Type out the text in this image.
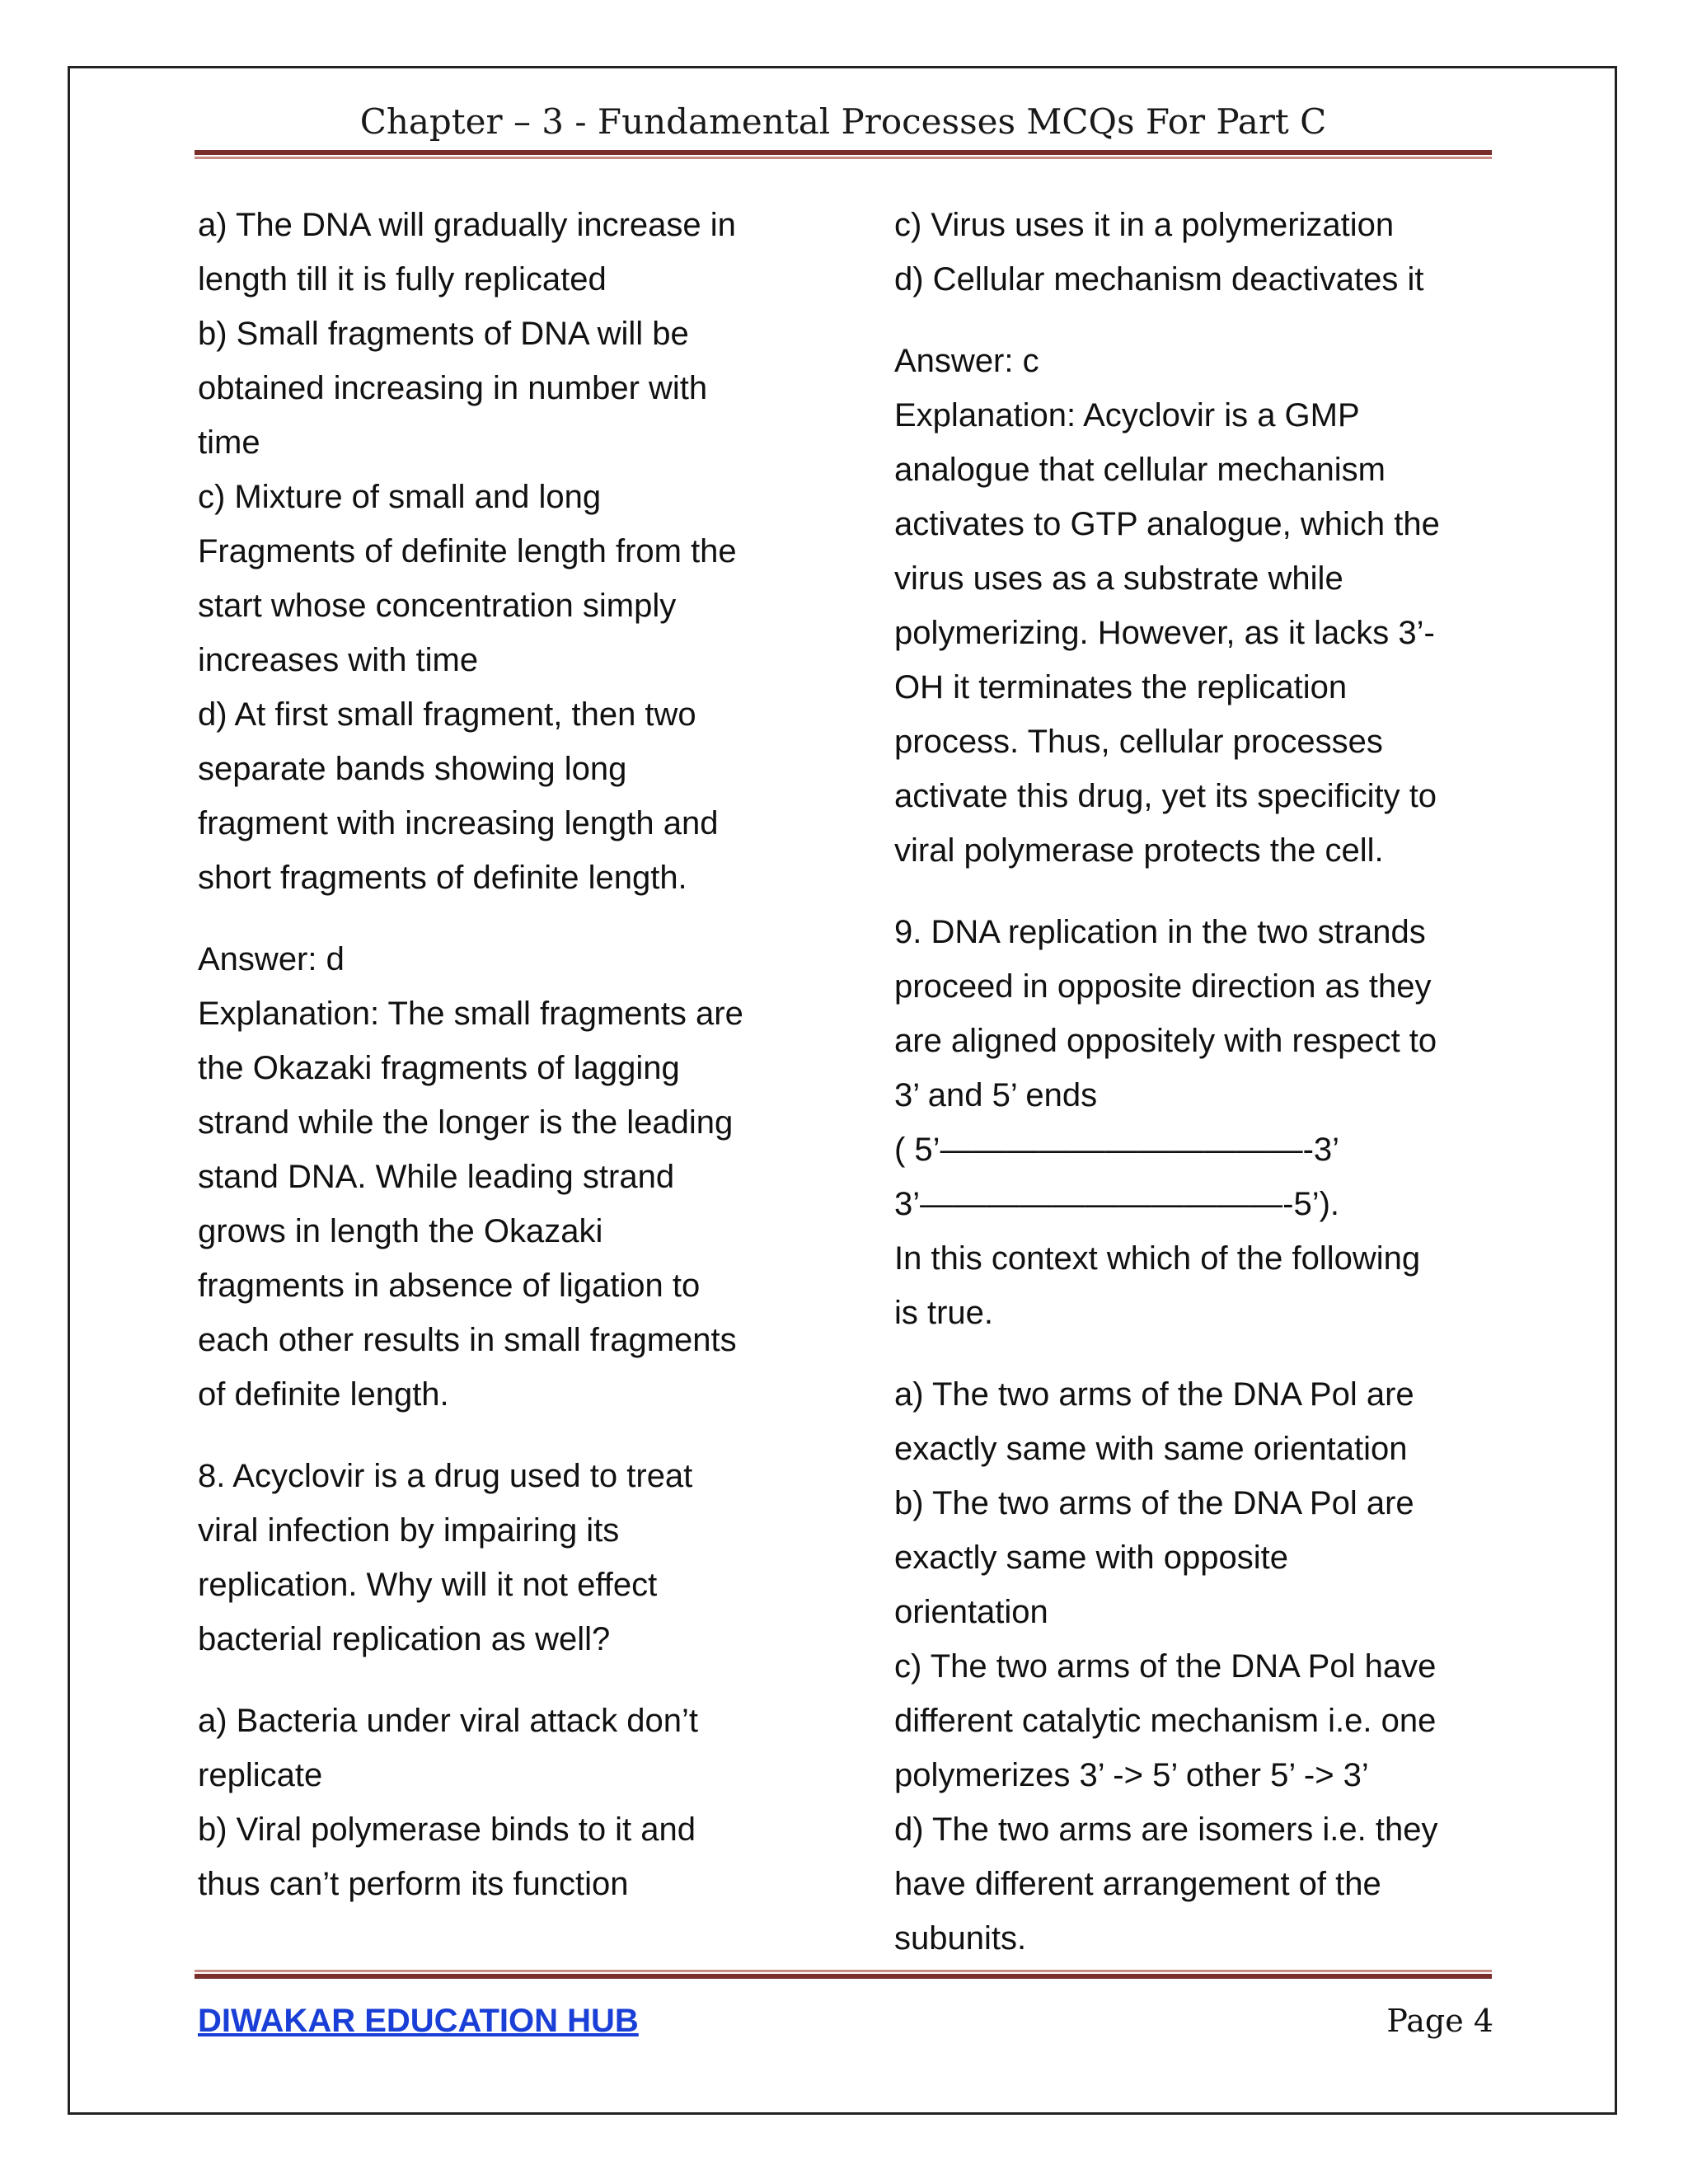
Chapter – 3 - Fundamental Processes MCQs For Part C
a) The DNA will gradually increase in
length till it is fully replicated
b) Small fragments of DNA will be
obtained increasing in number with
time
c) Mixture of small and long
Fragments of definite length from the
start whose concentration simply
increases with time
d) At first small fragment, then two
separate bands showing long
fragment with increasing length and
short fragments of definite length.
Answer: d
Explanation: The small fragments are
the Okazaki fragments of lagging
strand while the longer is the leading
stand DNA. While leading strand
grows in length the Okazaki
fragments in absence of ligation to
each other results in small fragments
of definite length.
8. Acyclovir is a drug used to treat
viral infection by impairing its
replication. Why will it not effect
bacterial replication as well?
a) Bacteria under viral attack don’t
replicate
b) Viral polymerase binds to it and
thus can’t perform its function
c) Virus uses it in a polymerization
d) Cellular mechanism deactivates it
Answer: c
Explanation: Acyclovir is a GMP
analogue that cellular mechanism
activates to GTP analogue, which the
virus uses as a substrate while
polymerizing. However, as it lacks 3’-
OH it terminates the replication
process. Thus, cellular processes
activate this drug, yet its specificity to
viral polymerase protects the cell.
9. DNA replication in the two strands
proceed in opposite direction as they
are aligned oppositely with respect to
3’ and 5’ ends
( 5’———————————-3’
3’———————————-5’).
In this context which of the following
is true.
a) The two arms of the DNA Pol are
exactly same with same orientation
b) The two arms of the DNA Pol are
exactly same with opposite
orientation
c) The two arms of the DNA Pol have
different catalytic mechanism i.e. one
polymerizes 3’ -> 5’ other 5’ -> 3’
d) The two arms are isomers i.e. they
have different arrangement of the
subunits.
DIWAKAR EDUCATION HUB	Page 4
